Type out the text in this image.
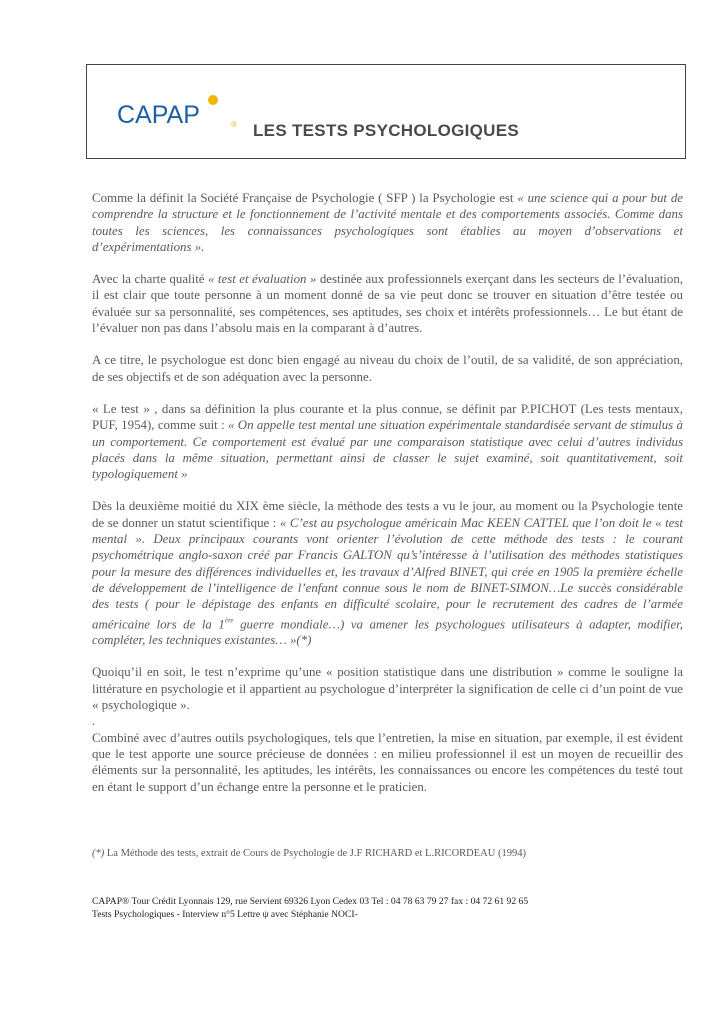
CAPAP	® LES TESTS PSYCHOLOGIQUES

Comme la définit la Société Française de Psychologie ( SFP ) la Psychologie est « une science qui a pour but de comprendre la structure et le fonctionnement de l’activité mentale et des comportements associés. Comme dans toutes les sciences, les connaissances psychologiques sont établies au moyen d’observations et d’expérimentations ».

Avec la charte qualité « test et évaluation » destinée aux professionnels exerçant dans les secteurs de l’évaluation, il est clair que toute personne à un moment donné de sa vie peut donc se trouver en situation d’être testée ou évaluée sur sa personnalité, ses compétences, ses aptitudes, ses choix et intérêts professionnels… Le but étant de l’évaluer non pas dans l’absolu mais en la comparant à d’autres.

A ce titre, le psychologue est donc bien engagé au niveau du choix de l’outil, de sa validité, de son appréciation, de ses objectifs et de son adéquation avec la personne.

« Le test » , dans sa définition la plus courante et la plus connue, se définit par P.PICHOT (Les tests mentaux, PUF, 1954), comme suit : « On appelle test mental une situation expérimentale standardisée servant de stimulus à un comportement. Ce comportement est évalué par une comparaison statistique avec celui d’autres individus placés dans la même situation, permettant ainsi de classer le sujet examiné, soit quantitativement, soit typologiquement »

Dès la deuxième moitié du XIX ème siècle, la méthode des tests a vu le jour, au moment ou la Psychologie tente de se donner un statut scientifique : « C’est au psychologue américain Mac KEEN CATTEL que l’on doit le « test mental ». Deux principaux courants vont orienter l’évolution de cette méthode des tests : le courant psychométrique anglo-saxon créé par Francis GALTON qu’s’intéresse à l’utilisation des méthodes statistiques pour la mesure des différences individuelles et, les travaux d’Alfred BINET, qui crée en 1905 la première échelle de développement de l’intelligence de l’enfant connue sous le nom de BINET-SIMON…Le succès considérable des tests ( pour le dépistage des enfants en difficulté scolaire, pour le recrutement des cadres de l’armée américaine lors de la 1ère guerre mondiale…) va amener les psychologues utilisateurs à adapter, modifier, compléter, les techniques existantes… »(*)

Quoiqu’il en soit, le test n’exprime qu’une « position statistique dans une distribution » comme le souligne la littérature en psychologie et il appartient au psychologue d’interpréter la signification de celle ci d’un point de vue « psychologique ».

.

Combiné avec d’autres outils psychologiques, tels que l’entretien, la mise en situation, par exemple, il est évident que le test apporte une source précieuse de données : en milieu professionnel il est un moyen de recueillir des éléments sur la personnalité, les aptitudes, les intérêts, les connaissances ou encore les compétences du testé tout en étant le support d’un échange entre la personne et le praticien.

(*) La Méthode des tests, extrait de Cours de Psychologie de J.F RICHARD et L.RICORDEAU (1994)
CAPAP® Tour Crédit Lyonnais 129, rue Servient 69326 Lyon Cedex 03 Tel : 04 78 63 79 27 fax : 04 72 61 92 65
Tests Psychologiques - Interview n°5 Lettre ψ avec Stéphanie NOCI-
